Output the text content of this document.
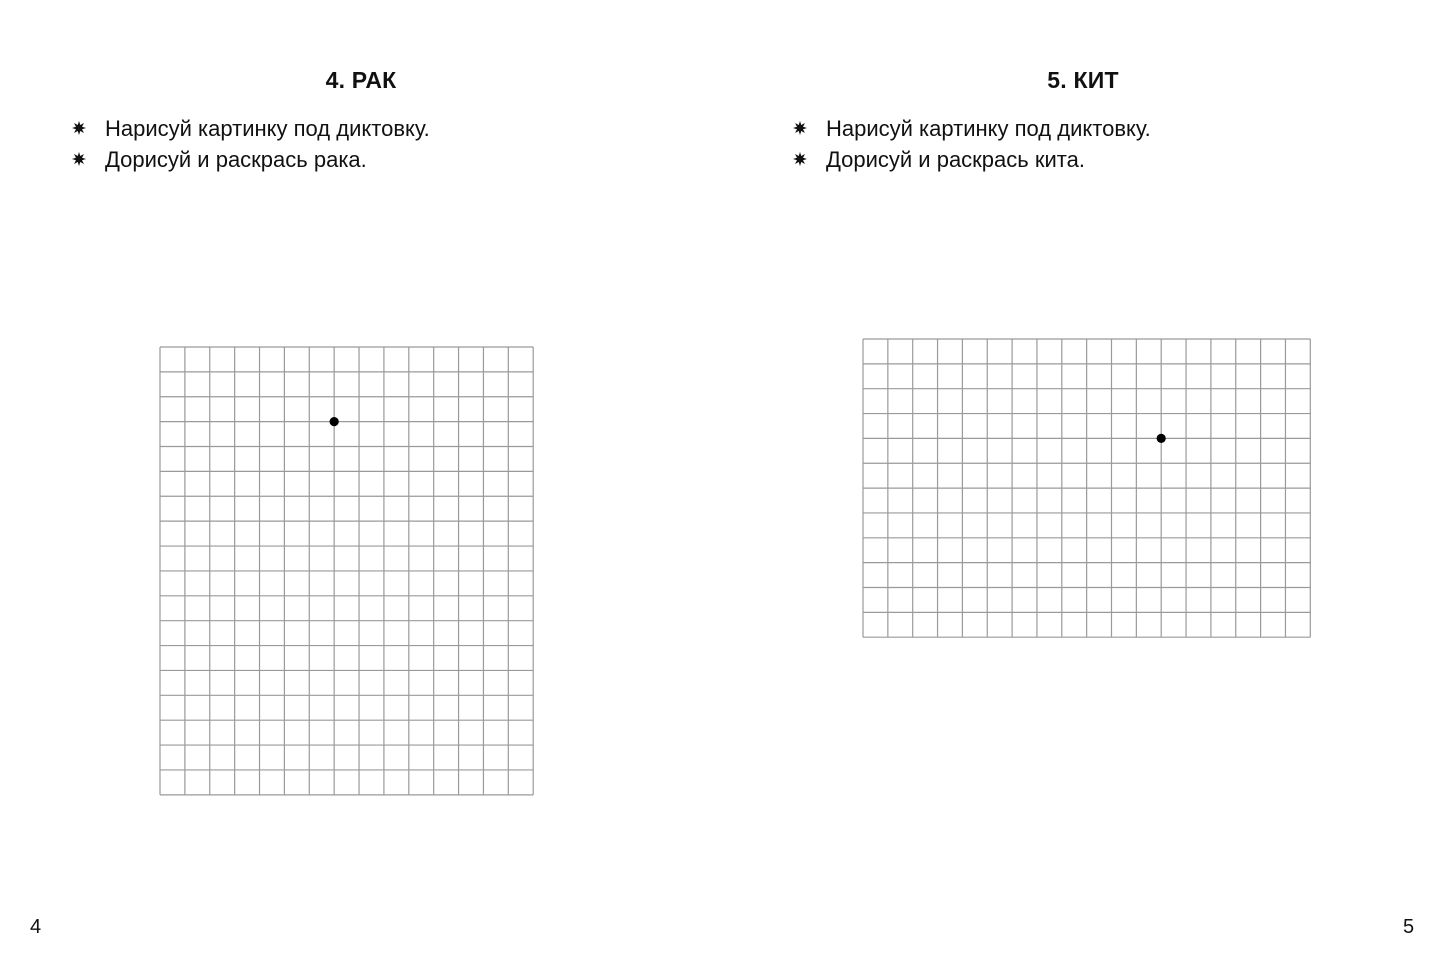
4. РАК
Нарисуй картинку под диктовку.
Дорисуй и раскрась рака.
4
5. КИТ
Нарисуй картинку под диктовку.
Дорисуй и раскрась кита.
5
